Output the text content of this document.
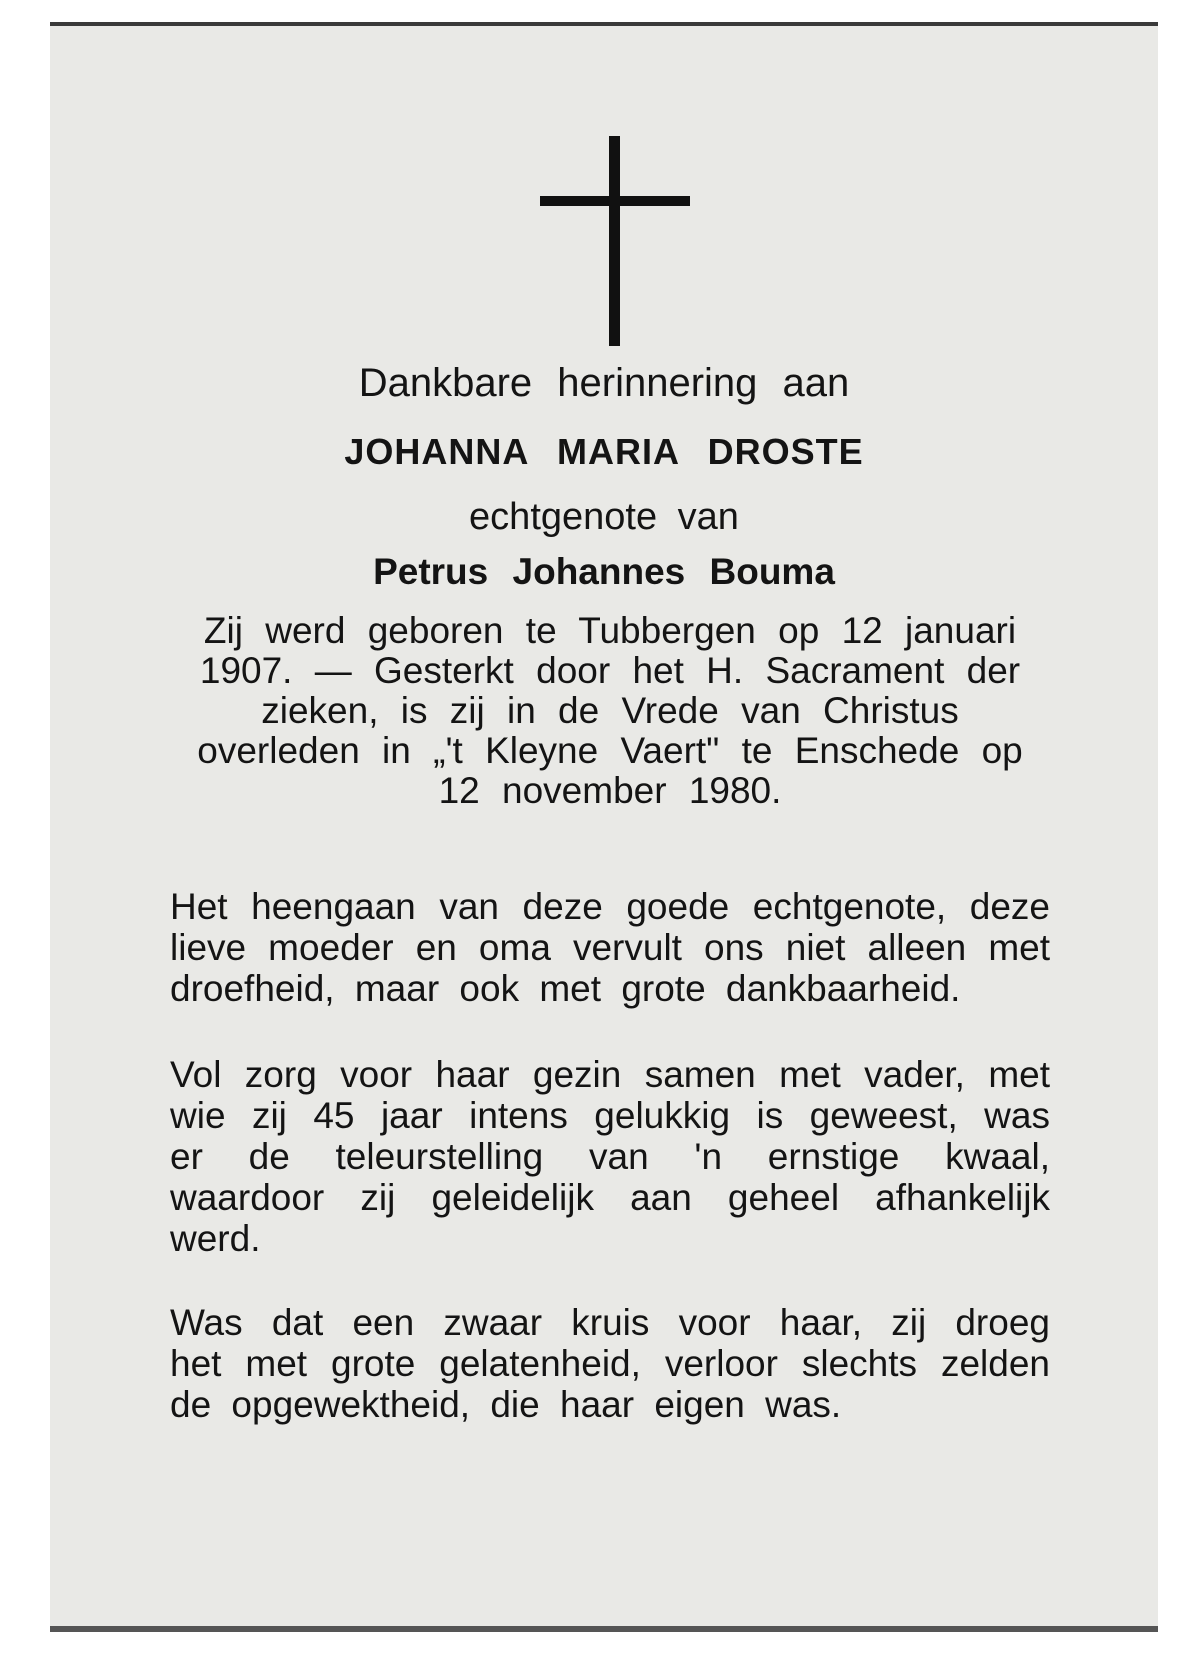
Dankbare herinnering aan
JOHANNA MARIA DROSTE
echtgenote van
Petrus Johannes Bouma
Zij werd geboren te Tubbergen op 12 januari 1907. — Gesterkt door het H. Sacrament der zieken, is zij in de Vrede van Christus overleden in „'t Kleyne Vaert" te Enschede op 12 november 1980.
Het heengaan van deze goede echtgenote, deze lieve moeder en oma vervult ons niet alleen met droefheid, maar ook met grote dankbaarheid.
Vol zorg voor haar gezin samen met vader, met wie zij 45 jaar intens gelukkig is geweest, was er de teleurstelling van 'n ernstige kwaal, waardoor zij geleidelijk aan geheel afhankelijk werd.
Was dat een zwaar kruis voor haar, zij droeg het met grote gelatenheid, verloor slechts zelden de opgewektheid, die haar eigen was.
